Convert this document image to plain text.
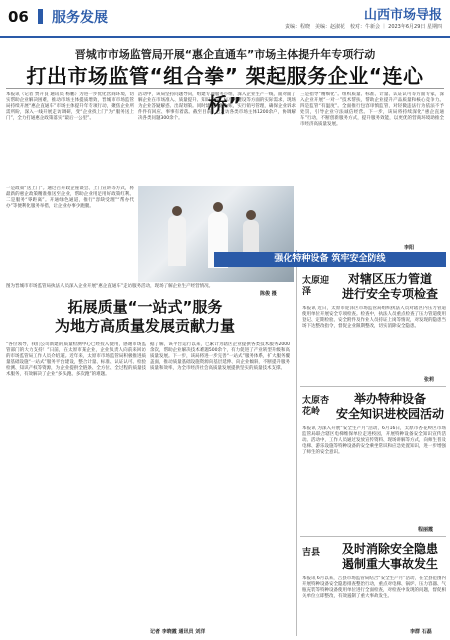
06 服务发展	山西市场导报
责编：程晓　美编：赵淑花　校对：牛新会 ｜ 2023年6月29日 星期四
晋城市市场监管局开展“惠企直通车”市场主体提升年专项行动
打出市场监管“组合拳” 架起服务企业“连心桥”
本报讯（记者 贾升良 通讯员 杨鹏）为进一步优化营商环境，切实帮助企业解决困难，推动市场主体提质增效，晋城市市场监管局持续开展“惠企直通车”市场主体提升年专项行动，聚焦企业所需所盼，深入一线开展走访调研，变“企业找上门”为“服务送上门”，全力打通惠企政策落实“最后一公里”。
活动中，该局坚持问题导向，组建专项服务小组，深入企业生产一线，面对面了解企业在市场准入、质量提升、知识产权、标准化建设等方面的实际需求，现场为企业答疑解惑、出谋划策。同时建立问题台账，实行销号管理，确保企业诉求件件有回应、事事有着落。截至目前，已走访各类市场主体1200余户，协调解决各类问题300余个。
三是指导“精细化”。组织质量、标准、计量、认证认可等方面专家，深入企业开展“一对一”技术帮扶，帮助企业提升产品质量和核心竞争力。四是监管“有温度”。全面推行包容审慎监管，对轻微违法行为依法不予处罚，引导企业守法诚信经营。下一步，该局将持续深化“惠企直通车”行动，不断创新服务方式，提升服务效能，以更优的营商环境助推全市经济高质量发展。
一是政策“送上门”。通过召开政企座谈会、上门宣讲等方式，将最新的惠企政策精准推送至企业，帮助企业用足用好政策红利。二是服务“零距离”。开通绿色通道，推行“容缺受理”“帮办代办”等便利化服务举措，让企业办事少跑腿。
李阳
图为晋城市市场监管局执法人员深入企业开展“惠企直通车”走访服务活动，现场了解企业生产经营情况。
陈俊 摄
拓展质量“一站式”服务
为地方高质量发展贡献力量
“各位领导，我们公司新建的质量检测中心已经投入使用，感谢市场监管部门的大力支持！”日前，在太原市某企业，企业负责人向前来回访的市场监管局工作人员介绍道。近年来，太原市市场监管局积极推进质量基础设施“一站式”服务平台建设，整合计量、标准、认证认可、检验检测、知识产权等资源，为企业提供全链条、全方位、全过程的质量技术服务，有效解决了企业“多头跑、多次跑”的难题。
据了解，该平台运行以来，已累计为辖区企业提供各类技术服务2000余次，帮助企业解决技术难题500余个，有力促进了产业转型升级和高质量发展。下一步，该局将进一步完善“一站式”服务体系，扩大服务覆盖面，推动质量基础设施资源向基层延伸、向企业倾斜，不断提升服务质量和效率，为全市经济社会高质量发展提供坚实的质量技术支撑。
记者 李晓霞 通讯员 刘洋
强化特种设备 筑牢安全防线
太原迎泽
对辖区压力管道
进行安全专项检查
本报讯 近日，太原市迎泽区市场监管局组织执法人员对辖区内压力管道使用单位开展安全专项检查。检查中，执法人员重点检查了压力管道使用登记、定期检验、安全附件及作业人员持证上岗等情况，对发现的隐患当场下达整改指令，督促企业限期整改，切实消除安全隐患。
张莉
太原杏花岭
举办特种设备
安全知识进校园活动
本报讯 为深入开展“安全生产月”活动，6月16日，太原市杏花岭区市场监管局联合辖区电梯维保单位走进校园，开展特种设备安全知识宣传活动。活动中，工作人员通过发放宣传资料、现场讲解等方式，向师生普及电梯、游乐设施等特种设备的安全乘坐常识和应急处置知识，进一步增强了师生的安全意识。
程丽霞
吉县	及时消除安全隐患
遏制重大事故发生
本报讯 6月以来，吉县市场监管局结合“安全生产月”活动，在全县范围内开展特种设备安全隐患排查整治行动，重点对电梯、锅炉、压力容器、气瓶充装等特种设备使用单位进行全面检查，对检查中发现的问题，督促相关单位立即整改，有效遏制了重大事故发生。
李群 石磊
